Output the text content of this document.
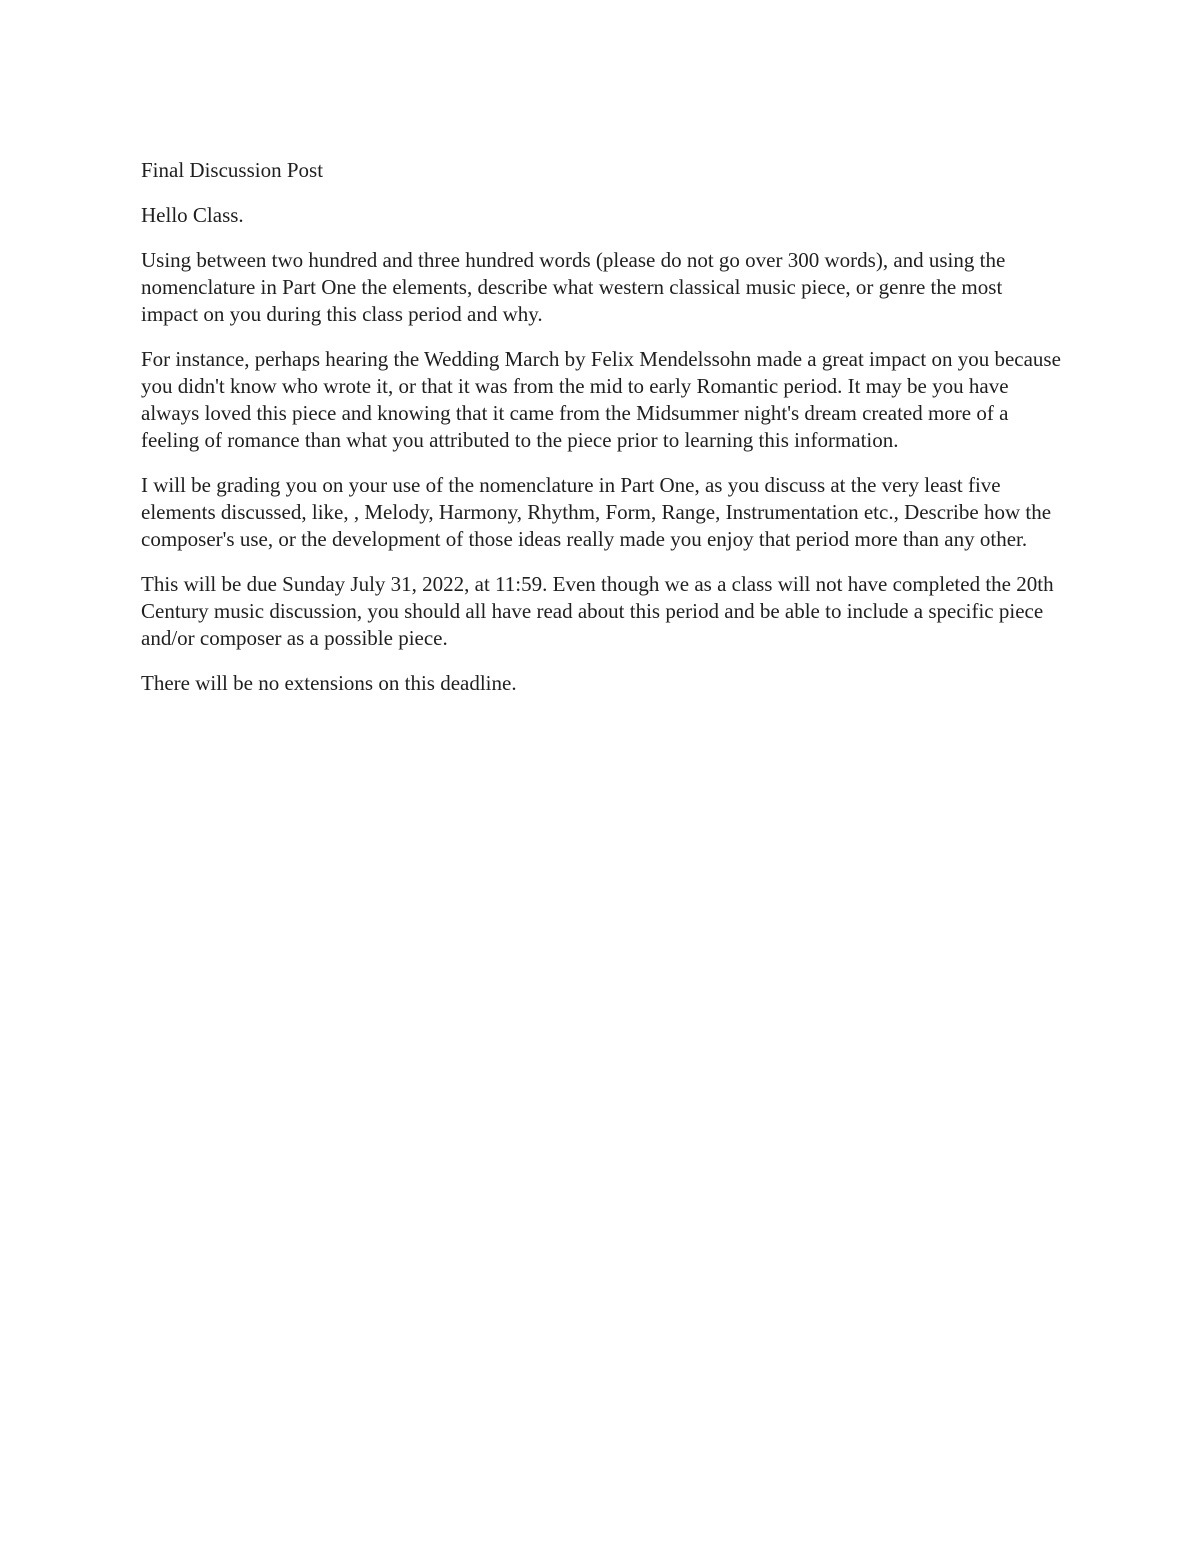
Final Discussion Post

Hello Class.

Using between two hundred and three hundred words (please do not go over 300 words), and using the nomenclature in Part One the elements, describe what western classical music piece, or genre the most impact on you during this class period and why.

For instance, perhaps hearing the Wedding March by Felix Mendelssohn made a great impact on you because you didn't know who wrote it, or that it was from the mid to early Romantic period. It may be you have always loved this piece and knowing that it came from the Midsummer night's dream created more of a feeling of romance than what you attributed to the piece prior to learning this information.

I will be grading you on your use of the nomenclature in Part One, as you discuss at the very least five elements discussed, like, , Melody, Harmony, Rhythm, Form, Range, Instrumentation etc., Describe how the composer's use, or the development of those ideas really made you enjoy that period more than any other.

This will be due Sunday July 31, 2022, at 11:59. Even though we as a class will not have completed the 20th Century music discussion, you should all have read about this period and be able to include a specific piece and/or composer as a possible piece.

There will be no extensions on this deadline.
